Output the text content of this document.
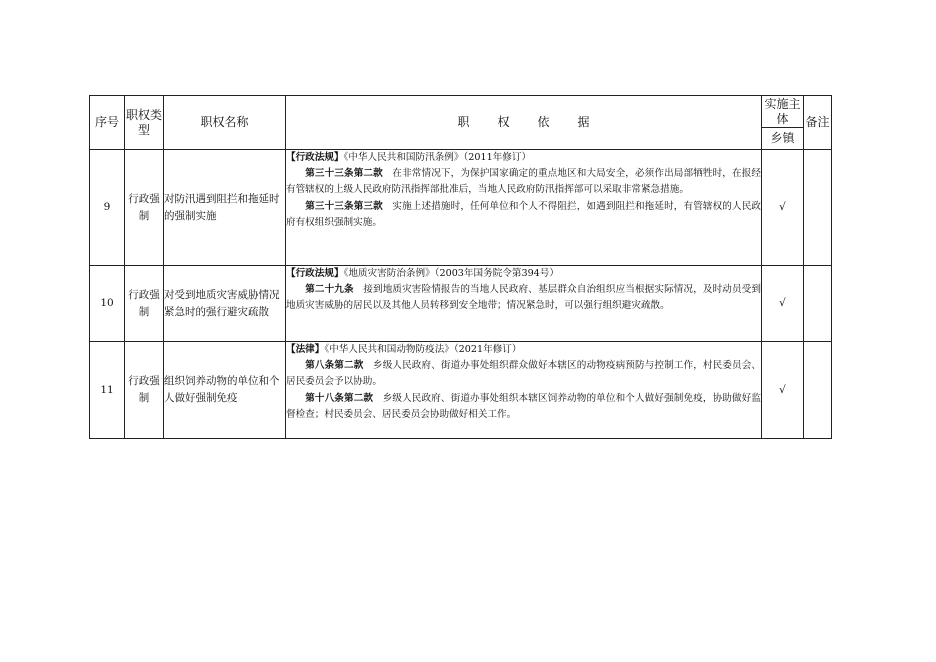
序号	职权类型	职权名称	职 权 依 据	实施主体	备注
				乡镇	
9	行政强制	对防汛遇到阻拦和拖延时的强制实施	【行政法规】《中华人民共和国防汛条例》（2011年修订）

第三十三条第二款 在非常情况下，为保护国家确定的重点地区和大局安全，必须作出局部牺牲时，在报经有管辖权的上级人民政府防汛指挥部批准后，当地人民政府防汛指挥部可以采取非常紧急措施。

第三十三条第三款 实施上述措施时，任何单位和个人不得阻拦，如遇到阻拦和拖延时，有管辖权的人民政府有权组织强制实施。	√	
10	行政强制	对受到地质灾害威胁情况紧急时的强行避灾疏散	【行政法规】《地质灾害防治条例》（2003年国务院令第394号）

第二十九条 接到地质灾害险情报告的当地人民政府、基层群众自治组织应当根据实际情况，及时动员受到地质灾害威胁的居民以及其他人员转移到安全地带；情况紧急时，可以强行组织避灾疏散。	√	
11	行政强制	组织饲养动物的单位和个人做好强制免疫	【法律】《中华人民共和国动物防疫法》（2021年修订）

第八条第二款 乡级人民政府、街道办事处组织群众做好本辖区的动物疫病预防与控制工作，村民委员会、居民委员会予以协助。

第十八条第二款 乡级人民政府、街道办事处组织本辖区饲养动物的单位和个人做好强制免疫，协助做好监督检查；村民委员会、居民委员会协助做好相关工作。	√	
